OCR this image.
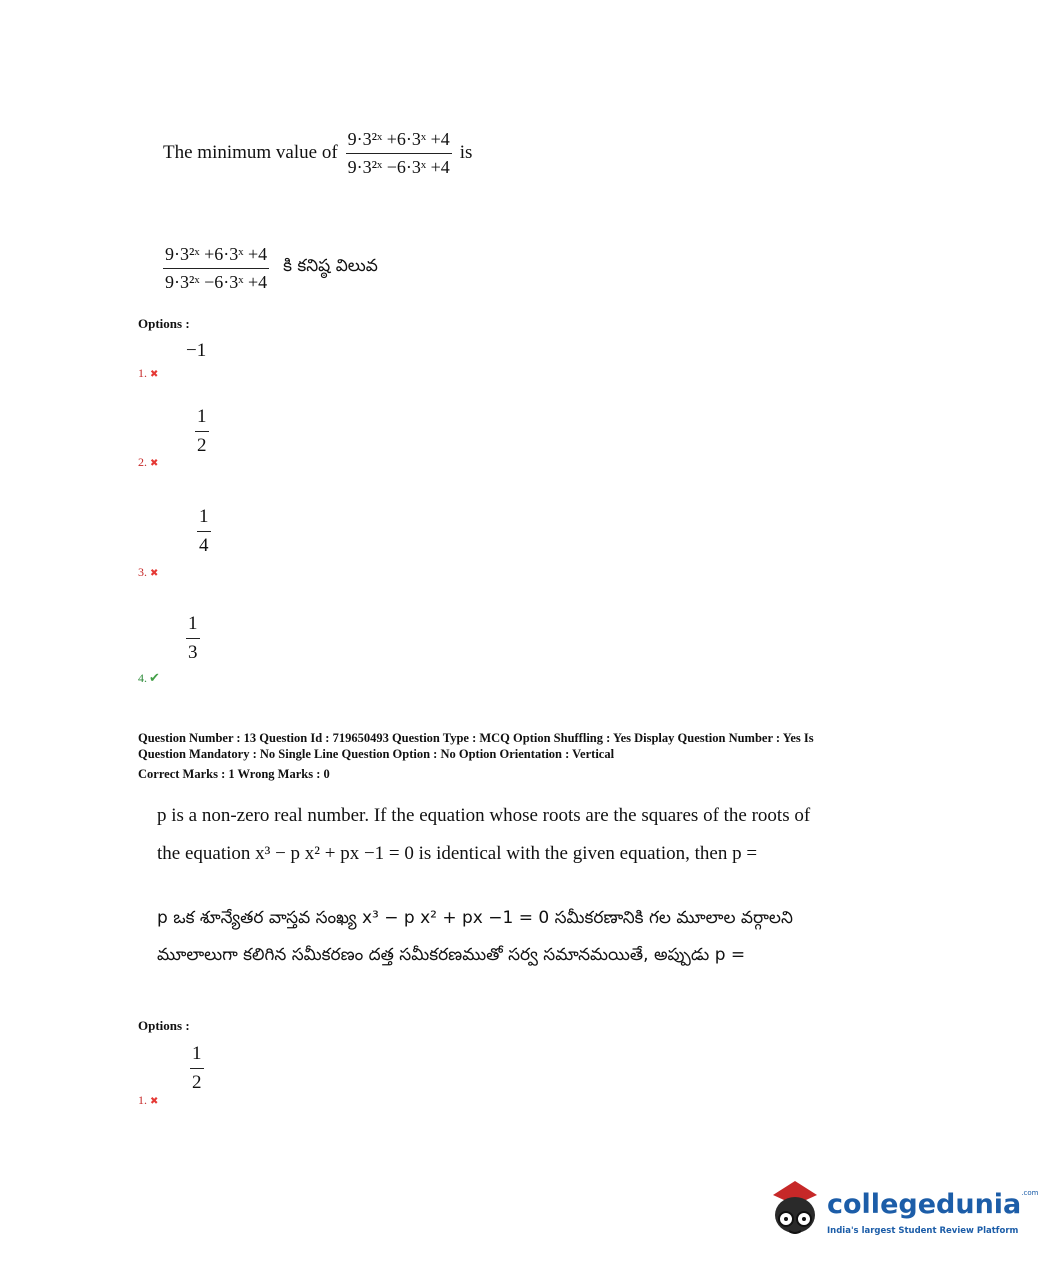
The minimum value of $\frac{\text{9·3²ˣ +6·3ˣ +4}}{\text{9·3²ˣ −6·3ˣ +4}}$ is
$\frac{\text{9·3²ˣ +6·3ˣ +4}}{\text{9·3²ˣ −6·3ˣ +4}}$ కి కనిష్ఠ విలువ
Options :
−1
1. ✖
$\frac{1}{2}$
2. ✖
$\frac{1}{4}$
3. ✖
$\frac{1}{3}$
4. ✔
Question Number : 13 Question Id : 719650493 Question Type : MCQ Option Shuffling : Yes Display Question Number : Yes Is
Question Mandatory : No Single Line Question Option : No Option Orientation : Vertical
Correct Marks : 1 Wrong Marks : 0
p is a non-zero real number. If the equation whose roots are the squares of the roots of
the equation x³ − p x² + px −1 = 0 is identical with the given equation, then p =
p ఒక శూన్యేతర వాస్తవ సంఖ్య x³ − p x² + px −1 = 0 సమీకరణానికి గల మూలాల వర్గాలని
మూలాలుగా కలిగిన సమీకరణం దత్త సమీకరణముతో సర్వ సమానమయితే, అప్పుడు p =
Options :
$\frac{1}{2}$
1. ✖
collegedunia$^{.com}$
India's largest Student Review Platform
